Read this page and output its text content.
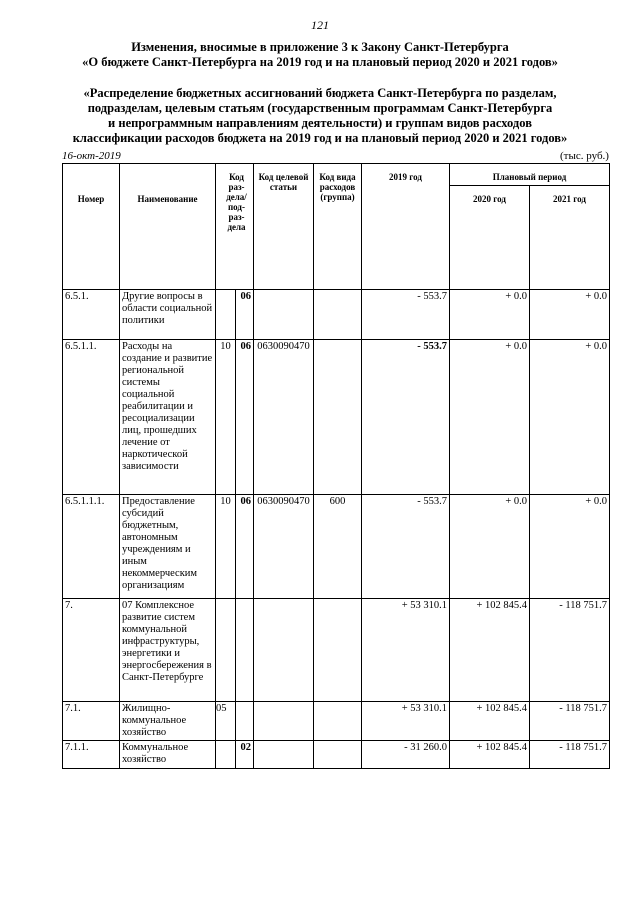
121
Изменения, вносимые в приложение 3 к Закону Санкт-Петербурга
«О бюджете Санкт-Петербурга на 2019 год и на плановый период 2020 и 2021 годов»
«Распределение бюджетных ассигнований бюджета Санкт-Петербурга по разделам,
подразделам, целевым статьям (государственным программам Санкт-Петербурга
и непрограммным направлениям деятельности) и группам видов расходов
классификации расходов бюджета на 2019 год и на плановый период 2020 и 2021 годов»
16-окт-2019	(тыс. руб.)
Номер	Наименование	Код раз-дела/ под-раз-дела		Код целевой статьи	Код вида расходов (группа)	2019 год	Плановый период	
							2020 год	2021 год
6.5.1.	Другие вопросы в области социальной политики		06			- 553.7	+ 0.0	+ 0.0
6.5.1.1.	Расходы на создание и развитие региональной системы социальной реабилитации и ресоциализации лиц, прошедших лечение от наркотической зависимости	10	06	0630090470		- 553.7	+ 0.0	+ 0.0
6.5.1.1.1.	Предоставление субсидий бюджетным, автономным учреждениям и иным некоммерческим организациям	10	06	0630090470	600	- 553.7	+ 0.0	+ 0.0
7.	07 Комплексное развитие систем коммунальной инфраструктуры, энергетики и энергосбережения в Санкт-Петербурге					+ 53 310.1	+ 102 845.4	- 118 751.7
7.1.	Жилищно-коммунальное хозяйство	05				+ 53 310.1	+ 102 845.4	- 118 751.7
7.1.1.	Коммунальное хозяйство		02			- 31 260.0	+ 102 845.4	- 118 751.7
